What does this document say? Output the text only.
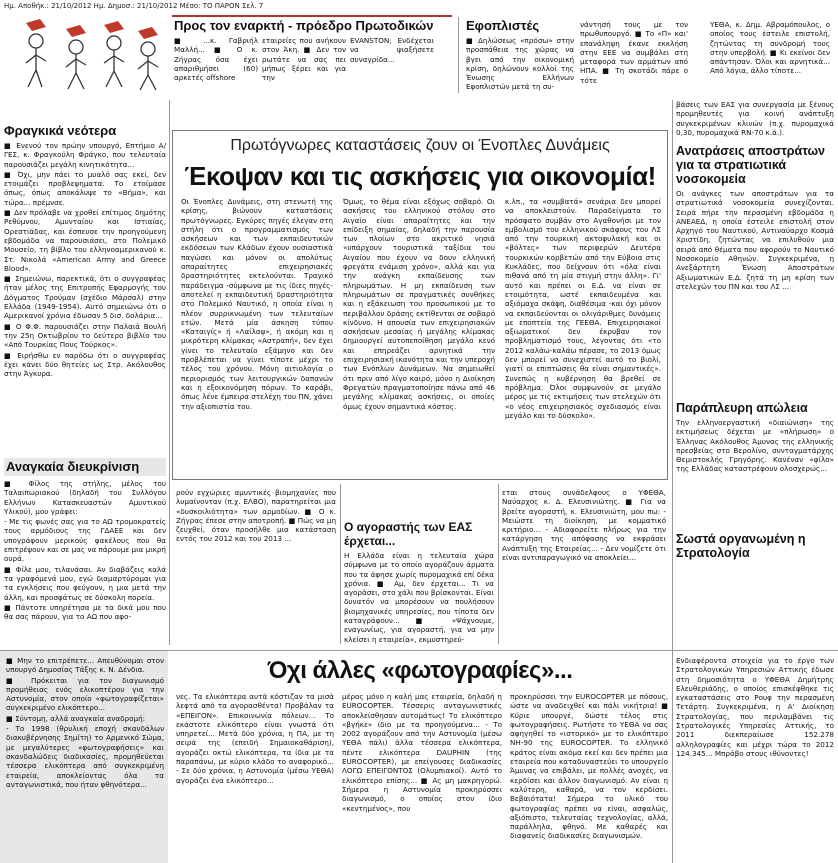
Ημ. Αποθήκ.: 21/10/2012 Ημ. Δημοσ.: 21/10/2012 Μέσο: ΤΟ ΠΑΡΟΝ Σελ. 7
Προς τον εναρκτή - πρόεδρο Πρωτοδικών
■ ...κ. Γαβριήλ Μαλλή... ■ Ο κ. Ζήγρας όσα έχει απαριθμήσει (60) αρκετές offshore
εταιρείες που ανήκουν στον Άκη. ■ Δεν τον ρωτάτε να σας πει μήπως ξέρει και για την
EVANSTON; Ενδέχεται να ψιαξήσετε συναγρίδα...
Εφοπλιστές
■ Δηλώσεως «πρόσω» στην προσπάθεια της χώρας να βγει από την οικονομική κρίση, δηλώνουν κολλοί της Ένωσης Ελλήνων Εφοπλιστών μετά τη συ-
νάντησή τους με τον πρωθυπουργό. ■ Το «Π» και' επανάληψη έκανε εκκλήση στην ΕΕΕ να συμβάλει στη μεταφορά των αρμάτων από ΗΠΑ. ■ Τη σκοτάδι πάρε ο τότε
ΥΕΘΑ, κ. Δημ. Αβραμόπουλος, ο οποίος τους έστειλε επιστολή, ζητώντας τη συνδρομή τους στην υπερβολή. ■ Κι εκείνοι δεν απάντησαν. Όλοι και αρνητικά... Από λόγια, άλλο τίποτε...
Φραγκικά νεότερα

■ Ενενού τον πρώην υπουργό, Επτήμιο Α/ΓΕΣ, κ. Φραγκούλη Φράγκο, που τελευταία παρουσιάζει μεγάλη κινητικότητα...

■ Όχι, μην πάει το μυαλό σας εκεί, δεν ετοιμάζει προβλεψηματα. Το ετοίμασε όπως, όπως αποκάλυψε το «Βήμα», και τώρα... πρέμνσε.

■ Δεν πρόλαβε να χροθεί επίτιμος δημότης Ρεθύμνου, Αμυνταίου και Ιστιαίας, Ορεστιάδας, και έσπευσε την προηγούμενη εβδομάδα να παρουσιάσει, στο Πολεμικό Μουσείο, τη βίβλο του ελληνοαμερικανού κ. Στ. Νικολά «American Army and Greece Blood».

■ Σημειώνω, παρεκτικά, ότι ο συγγραφέας ήταν μέλος της Επιτροπής Εφαρμογής του Δόγματος Τρούμαν (σχέδιο Μάρσαλ) στην Ελλάδα (1949-1954). Αυτό σημειώνω ότι ο Αμερικανοί χρόνια έδωσαν 5 δισ. δολάρια...

■ Ο Φ.Φ. παρουσιάζει στην Παλαιά Βουλή την 25η Οκτωβρίου το δεύτερο βιβλίο του «Από Τουρκίας Πους Τούρκος».

■ Ειρήσθω εν παρόδω ότι ο συγγραφέας έχει κάνει δύο θητείες ως Στρ. Ακόλουθος στην Άγκυρα.

Αναγκαία διευκρίνιση

■ Φίλος της στήλης, μέλος του Ταλαιπωριακού (δηλαδή του Συλλόγου Ελλήνων Κατασκευαστών Αμυντικού Υλικού), μου γράφει:

- Με τις φωνές σας για το ΑΩ τρομοκρατείς τους αρμόδιους της ΓΔΑΕΕ και δεν υπογράφουν μερικούς φακέλους που θα επιτρέψουν και σε μας να πάρουμε μια μικρή ουρά.

■ Φίλε μου, τιλανάσαι. Αν διαβάζεις καλά τα γραφόμενά μου, εγώ διαμαρτύρομαι για τα εγκλήσεις που φεύγουν, η μια μετά την άλλη, και προσφάτως σε δύσκολη πορεία.

■ Πάντοτε υπηρέτησα με τα δικά μου που θα σας πάρουν, για το ΑΩ που αφο-

Πρωτόγνωρες καταστάσεις ζουν οι Ένοπλες Δυνάμεις
Έκοψαν και τις ασκήσεις για οικονομία!
Οι Ένοπλες Δυνάμεις, στη στενωτή της κρίσης, βιώνουν καταστάσεις πρωτόγνωρες. Εγκύρες πηγές έλεγαν στη στήλη ότι ο προγραμματισμός των ασκήσεων και των εκπαιδευτικών εκδόσεων των Κλάδων έχουν ουσιαστικά παγώσει και μόνον οι απολύτως απαραίτητες επιχειρησιακές δραστηριότητες εκτελούνται. Τραγικό παράδειγμα -σύμφωνα με τις ίδιες πηγές- αποτελεί η εκπαιδευτική δραστηριότητα στο Πολεμικό Ναυτικό, η οποία είναι η πλέον συρρικνωμένη των τελευταίων ετών. Μετά μία άσκηση τύπου «Καταιγίς» ή «Λαίλαψ», ή ακόμη και η μικρότερη κλίμακας «Αστραπή», δεν έχει γίνει το τελευταίο εξάμηνο και δεν προβλέπεται να γίνει τίποτε μέχρι το τέλος του χρόνου. Μόνη αιτιολογία ο περιορισμός των λειτουργικών δαπανών και η εξοικονόμηση πόρων. Το καράβι, όπως λένε έμπειρα στελέχη του ΠΝ, χάνει την αξιοπιστία του.
Όμως, το θέμα είναι εξόχως σοβαρό. Οι ασκήσεις του ελληνικού στόλου στο Αιγαίο είναι απαραίτητες και την επίδειξη σημαίας, δηλαδή την παρουσία των πλοίων στο ακριτικό νησιά «υπάρχουν τουριστικά ταξίδια του Αιγαίου που έχουν να δουν ελληνική φρεγάτα ενάμιση χρόνο», αλλά και για την ανάγκη εκπαίδευσης των πληρωμάτων. Η μη εκπαίδευση των πληρωμάτων σε πραγματικές συνθήκες και η εξάκειωση του προσωπικού με το περιβάλλον δράσης εκτίθενται σε σοβαρό κίνδυνο. Η απουσία των επιχειρησιακών ασκήσεων μεσαίας ή μεγάλης κλίμακας δημιουργεί αυτοπεποίθηση μεγάλο κενό και επηρεάζει αρνητικά την επιχειρησιακή ικανότητα και την υπεροχή των Ενόπλων Δυνάμεων. Να σημειωθεί ότι πριν από λίγο καιρό, μόνο η Διοίκηση Φρεγατών πραγματοποίησε πάνω από 46 μεγάλης κλίμακας ασκήσεις, οι οποίες όμως έχουν σημαντικά κόστος.
κ.λπ., τα «συμβατά» σενάρια δεν μπορεί να αποκλειστούν. Παραδείγματα το πρόσφατο συμβάν στο Αγαθονήσι με τον εμβολισμό του ελληνικού σκάφους του ΛΣ από την τουρκική ακτοφυλακή και οι «βόλτες» των περιφερών Δευτέρα τουρκικών κορβετών από την Εύβοια στις Κυκλάδες, που δείχνουν ότι «όλα είναι πιθανά από τη μία στιγμή στην άλλη». Γι' αυτό και πρέπει οι Ε.Δ. να είναι σε ετοιμότητα, ωστέ εκπαιδευμένα και αξιόμαχα σκάφη, διαθέσιμα -και όχι μόνον να εκπαιδεύονται οι ολιγάριθμες δυνάμεις με εποπτεία της ΓΕΕΘΑ. Επιχειρησιακοί αξιωματικοί δεν έκρυβαν τον προβληματισμό τους, λέγοντας ότι «το 2012 καλάω-καλάω πέρασε, το 2013 όμως δεν μπορεί να συνεχιστεί αυτό το βιολί, γιατί οι επιπτώσεις θα είναι σημαντικές». Συνεπώς η κυβέρνηση θα βρεθεί σε πρόβλημα. Όλοι συμφωνούν σε μεγάλο μέρος με τις εκτιμήσεις των στελεχών ότι «ο νέος επιχειρησιακός σχεδιασμός είναι μεγάλο και το δύσκολο».
βάσεις των ΕΑΣ για συνεργασία με ξένους προμηθευτές για κοινή ανάπτυξη συγκεκριμένων κλινών (π.χ. πυρομαχικά 0,30, πυρομαχικά RN-70 κ.ά.).
Ανατράσεις αποστράτων για τα στρατιωτικά νοσοκομεία
Οι ανάγκες των αποστράτων για τα στρατιωτικά νοσοκομεία συνεχίζονται. Σειρά πήρε την περασμένη εβδομάδα η ΑΝΕΑΕΔ, η οποία έστειλε επιστολή στον Αρχηγό του Ναυτικού, Αντιναύαρχο Κοσμά Χριστίδη, ζητώντας να επιλυθούν μια σειρά από θέματα που αφορούν το Ναυτικό Νοσοκομείο Αθηνών. Συγκεκριμένα, η Ανεξάρτητη Ένωση Αποστράτων Αξιωματικών Ε.Δ. ζητά τη μη κρίση των στελεχών του ΠΝ και του ΛΣ ...
Παράπλευρη απώλεια
Την ελληνοεργαστική «διαιώνιση» της εκτιμήσεως δέχεται με «πλήρωση» ο Έλληνας Ακόλουθος Άμυνας της ελληνικής πρεσβείας στο Βερολίνο, συνταγματάρχης Θεμιστοκλής Γρηγόρης. Κανέναν «φίλο» της Ελλάδας καταστρέφουν ολοσχερώς...
Σωστά οργανωμένη η Στρατολογία
ρούν εγχώριες αμυντικές βιομηχανίες που λυμαίνονταν (π.χ. ΕΛΒΟ), παρατηρείται μια «δυσκοιλιότητα» των αρμοδίων. ■ Ο κ. Ζήγρας έπεσε στην αποτροπή. ■ Πώς να μη ζευχθεί, όταν προσήλθε μια κατάσταση εντός του 2012 και του 2013 ...
Ο αγοραστής των ΕΑΣ έρχεται...
Η Ελλάδα είναι η τελευταία χώρα σύμφωνα με το οποίο αγοράζουν άρματα που τα άφησε χωρίς πυρομαχικά επί δέκα χρόνια. ■ Αμ, δεν έρχεται... Τι να αγοράσει, στο χάλι που βρίσκονται. Είναι δυνατόν να μπορέσουν να πουλήσουν βιομηχανικές υπηρεσίες, που τίποτα δεν καταγράφουν... ■ «Ψάχνουμε, εναγωνίως, για αγοραστή, για να μην κλείσει η εταιρεία», εκμυστηρεύ-
εται στους συνάδελφους ο ΥΦΕΘΑ, Ναύαρχος κ. Δ. Ελευσινιώτης. ■ Για να βρείτε αγοραστή, κ. Ελευσινιώτη, μου πω: - Μειώστε τη διοίκηση, με κομματικό κριτήριο... - Αδιαφορείτε πλήρως για την κατάργηση της απόφασης να εκφράσει Ανάπτυξη της Εταιρείας... - Δεν νομίζετε ότι είναι αντιπαραγωγικό να αποκλείει...

■ Μην το επιτρέπετε... Απευθύνομαι στον υπουργό Δημοσίας Τάξης κ. Ν. Δένδια.

■ Πρόκειται για τον διαγωνισμό προμήθειας ενός ελικοπτέρου για την Αστυνομία, στον οποίο «φωτογραφίζεται» συγκεκριμένο ελικόπτερο...

■ Σύντομη, αλλά αναγκαία αναδρομή:

- Το 1998 (θρυλική εποχή σκανδάλων διακυβέρνησης Σημίτη) το Αρμενικό Σώμα, με μεγαλύτερες «φωτογραφήσεις» και σκανδαλώδεις διαδικασίες, προμηθεύεται τέσσερα ελικόπτερα από συγκεκριμένη εταιρεία, αποκλείοντας όλα τα ανταγωνιστικά, που ήταν φθηνότερα...

Όχι άλλες «φωτογραφίες»...
νες. Τα ελικόπτερα αυτά κόστιζαν τα μισά λεφτά από τα αγορασθέντα! Προβάλαν τα «ΕΠΕΙΓΟΝ». Επικοινωνία πόλεων... Το εκάστοτε ελικόπτερο είναι γνωστά ότι υπηρετεί... Μετά δύο χρόνια, η ΠΑ, με τη σειρά της (επειδή Σημαιοκαθάριση), αγοράζει οκτώ ελικόπτερα, τα ίδια με τα παραπάνω, με κύριο κλάδο το αναφορικό... - Σε δύο χρόνια, η Αστυνομία (μέσω ΥΕΘΑ) αγοράζει ένα ελικόπτερο...
μέρος μόνο η καλή μας εταιρεία, δηλαδή η EUROCOPTER. Τέσσερις ανταγωνιστικές αποκλείσθησαν αυτομάτως! Το ελικόπτερο «βγήκε» ίδιο με τα προηγούμενα... - Το 2002 αγοράζουν από την Αστυνομία (μέσω ΥΕΘΑ πάλι) άλλα τέσσερα ελικόπτερα, πέντε ελικόπτερα DAUPHIN (της EUROCOPTER), με επείγουσες διαδικασίες ΛΟΓΩ ΕΠΕΙΓΟΝΤΟΣ (Ολυμπιακοί). Αυτό το ελικόπτερο επίσης... ■ Ας μη μακρηγορώ. Σήμερα η Αστυνομία προκηρύσσει διαγωνισμό, ο οποίος στον ίδιο «κεντημένος», που
προκηρύσσει την EUROCOPTER με πόσους, ώστε να αναδειχθεί και πάλι νικήτρια! ■ Κύριε υπουργέ, δώστε τέλος στις φωτογραφήσεις. Ρωτήστε το ΥΕΘΑ να σας αφηγηθεί το «ιστορικό» με το ελικόπτερο NH-90 της EUROCOPTER. Το ελληνικό κράτος είναι ακόμα εκεί και δεν πρέπει μια εταιρεία που καταδυναστεύει το υπουργείο Άμυνας να επιβάλει, με πολλές ανοχές, να κερδίσει και άλλον διαγωνισμό. Αν είναι η καλύτερη, καθαρά, να τον κερδίσει. Βεβαιότατα! Σήμερα το υλικό του φωτογραφίας πρέπει να είναι, ασφαλώς, αξιόπιστο, τελευταίας τεχνολογίας, αλλά, παράλληλα, φθηνό. Με καθαρές και διαφανείς διαδικασίες διαγωνισμών.
Ενδιαφέροντα στοιχεία για το έργο των Στρατολογικών Υπηρεσιών Αττικής έδωσε στη δημοσιότητα ο ΥΦΕΘΑ Δημήτρης Ελευθεριάδης, ο οποίος επισκέφθηκε τις εγκαταστάσεις στο Ρουφ την περασμένη Τετάρτη. Συγκεκριμένα, η Α' Διοίκηση Στρατολογίας, που περιλαμβάνει τις Στρατολογικές Υπηρεσίες Αττικής, το 2011 διεκπεραίωσε 152.278 αλληλογραφίες και μέχρι τώρα το 2012 124.345... Μπράβο στους ιθύνοντες!
